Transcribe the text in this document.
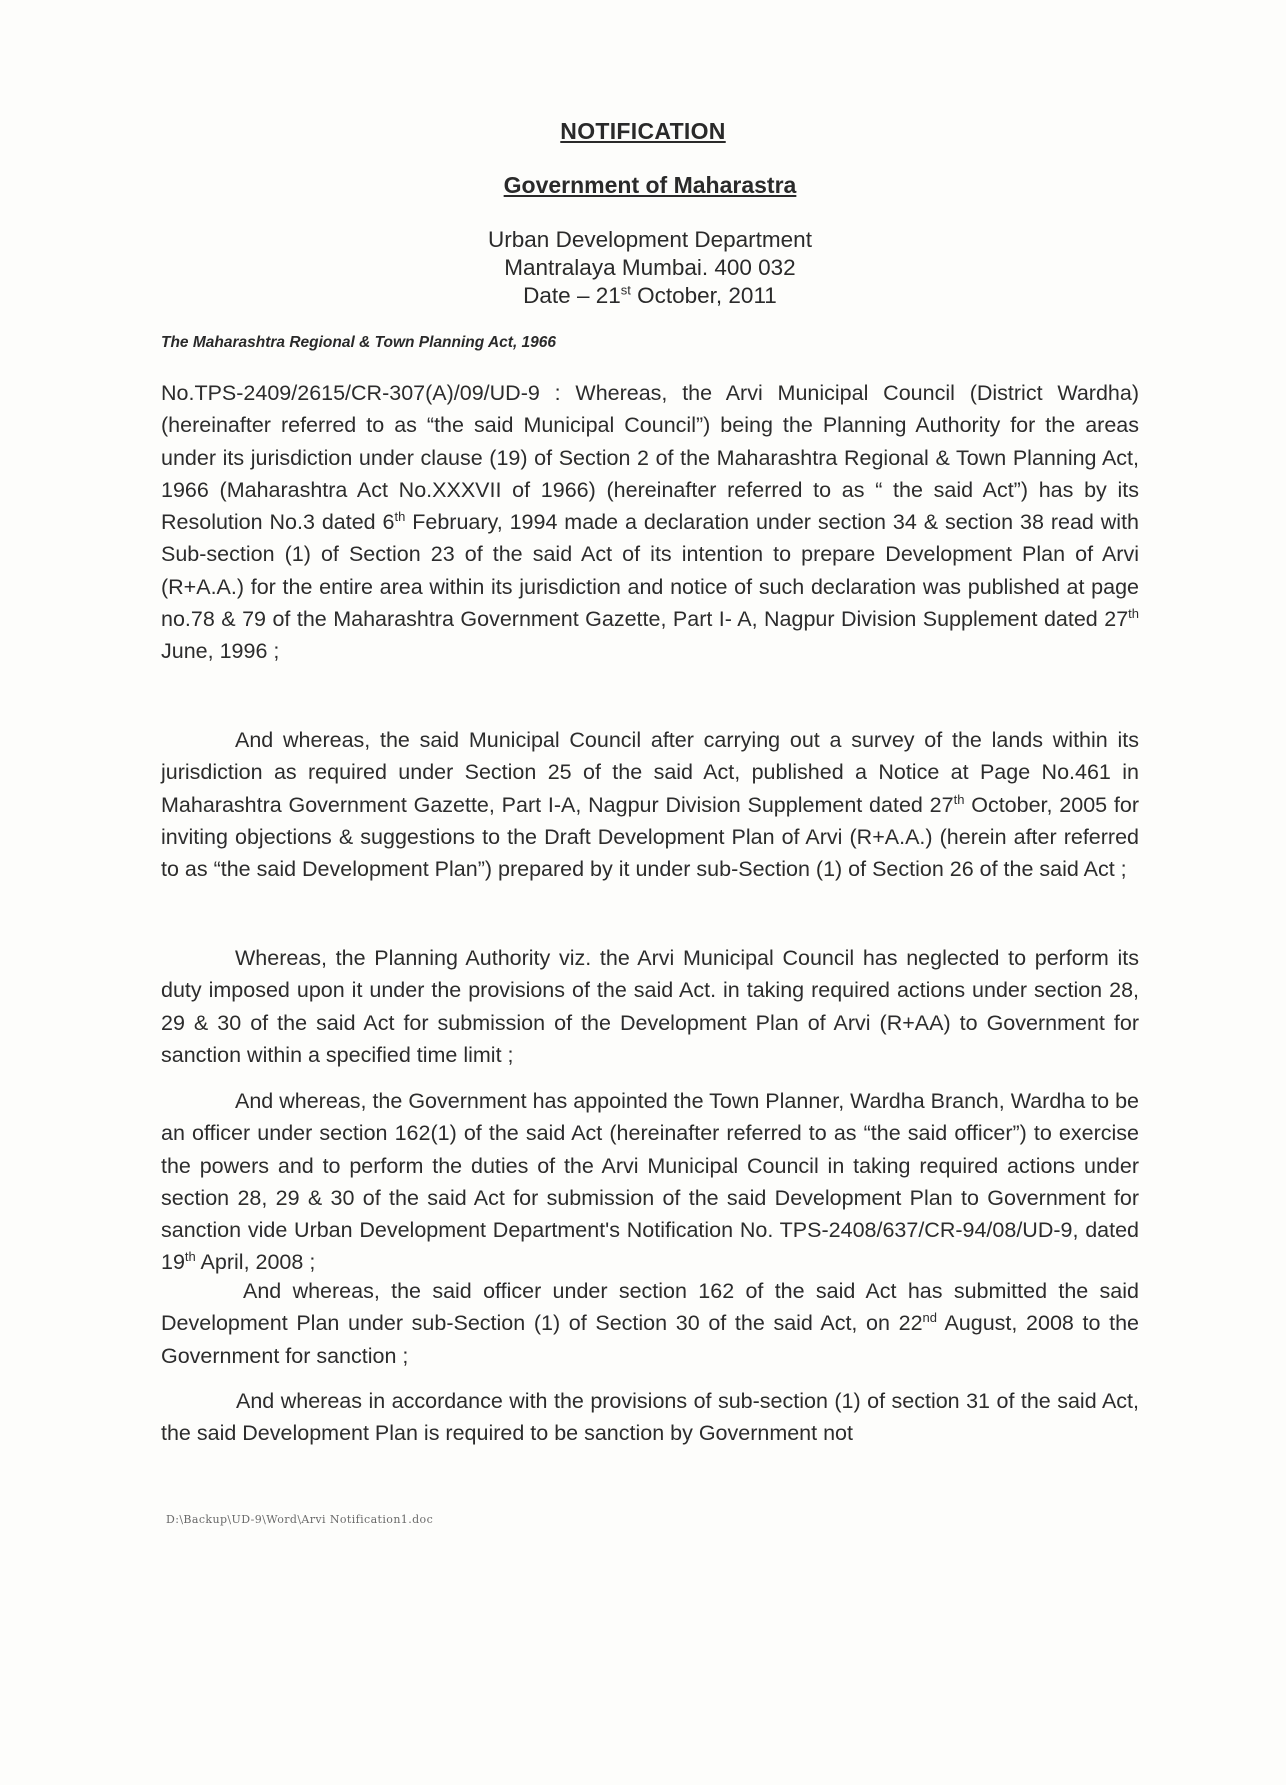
NOTIFICATION
Government of Maharastra
Urban Development Department
Mantralaya Mumbai. 400 032
Date – 21st October, 2011
The Maharashtra Regional & Town Planning Act, 1966

No.TPS-2409/2615/CR-307(A)/09/UD-9 : Whereas, the Arvi Municipal Council (District Wardha) (hereinafter referred to as “the said Municipal Council”) being the Planning Authority for the areas under its jurisdiction under clause (19) of Section 2 of the Maharashtra Regional & Town Planning Act, 1966 (Maharashtra Act No.XXXVII of 1966) (hereinafter referred to as “ the said Act”) has by its Resolution No.3 dated 6th February, 1994 made a declaration under section 34 & section 38 read with Sub-section (1) of Section 23 of the said Act of its intention to prepare Development Plan of Arvi (R+A.A.) for the entire area within its jurisdiction and notice of such declaration was published at page no.78 & 79 of the Maharashtra Government Gazette, Part I- A, Nagpur Division Supplement dated 27th June, 1996 ;

And whereas, the said Municipal Council after carrying out a survey of the lands within its jurisdiction as required under Section 25 of the said Act, published a Notice at Page No.461 in Maharashtra Government Gazette, Part I-A, Nagpur Division Supplement dated 27th October, 2005 for inviting objections & suggestions to the Draft Development Plan of Arvi (R+A.A.) (herein after referred to as “the said Development Plan”) prepared by it under sub-Section (1) of Section 26 of the said Act ;

Whereas, the Planning Authority viz. the Arvi Municipal Council has neglected to perform its duty imposed upon it under the provisions of the said Act. in taking required actions under section 28, 29 & 30 of the said Act for submission of the Development Plan of Arvi (R+AA) to Government for sanction within a specified time limit ;

And whereas, the Government has appointed the Town Planner, Wardha Branch, Wardha to be an officer under section 162(1) of the said Act (hereinafter referred to as “the said officer”) to exercise the powers and to perform the duties of the Arvi Municipal Council in taking required actions under section 28, 29 & 30 of the said Act for submission of the said Development Plan to Government for sanction vide Urban Development Department's Notification No. TPS-2408/637/CR-94/08/UD-9, dated 19th April, 2008 ;

And whereas, the said officer under section 162 of the said Act has submitted the said Development Plan under sub-Section (1) of Section 30 of the said Act, on 22nd August, 2008 to the Government for sanction ;

And whereas in accordance with the provisions of sub-section (1) of section 31 of the said Act, the said Development Plan is required to be sanction by Government not

D:\Backup\UD-9\Word\Arvi Notification1.doc
